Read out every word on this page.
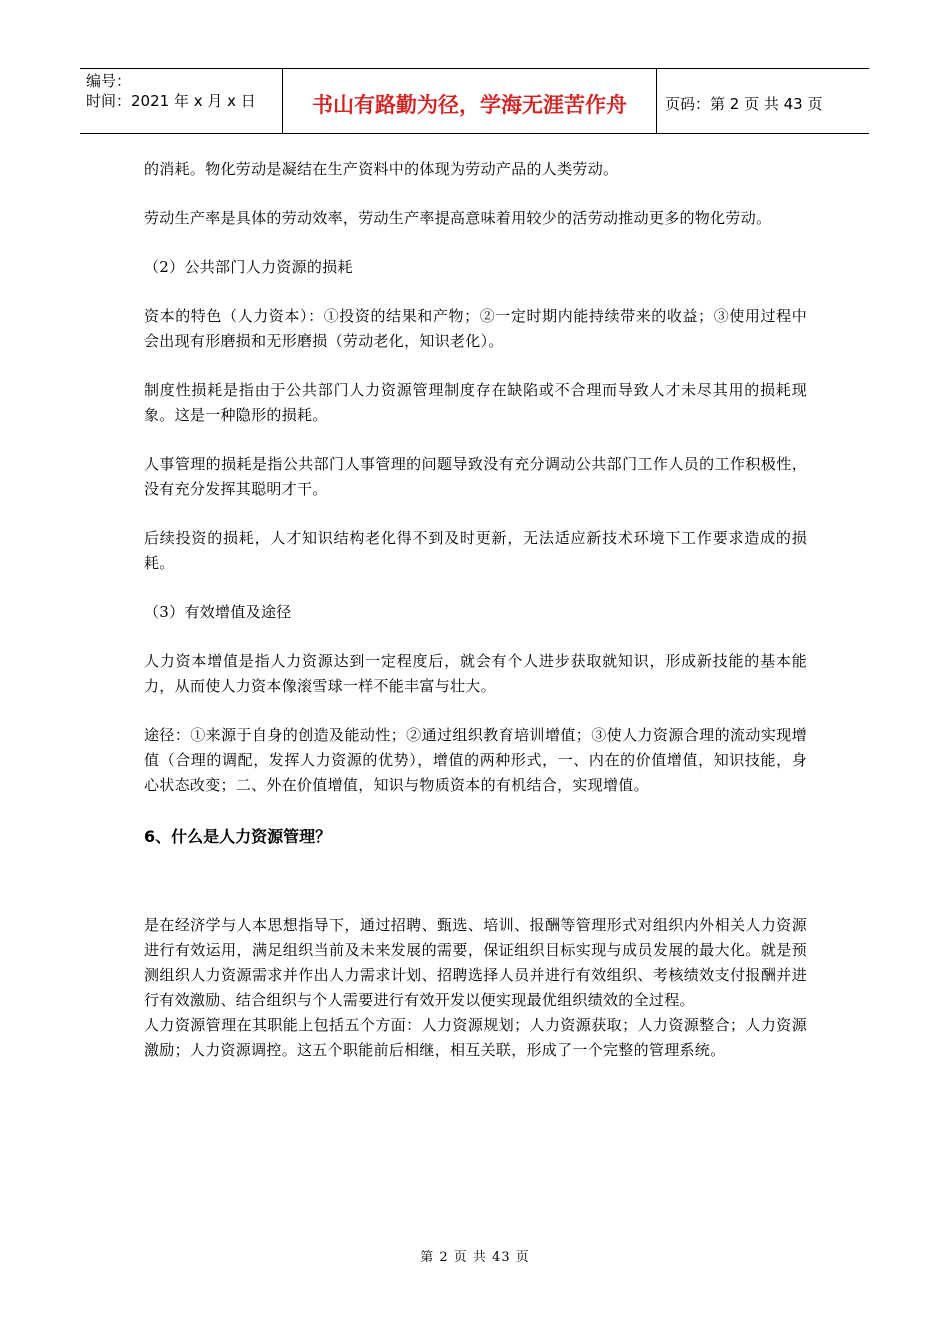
编号：
时间：2021 年 x 月 x 日	书山有路勤为径，学海无涯苦作舟	页码：第 2 页 共 43 页

的消耗。物化劳动是凝结在生产资料中的体现为劳动产品的人类劳动。

劳动生产率是具体的劳动效率，劳动生产率提高意味着用较少的活劳动推动更多的物化劳动。

（2）公共部门人力资源的损耗

资本的特色（人力资本）：①投资的结果和产物；②一定时期内能持续带来的收益；③使用过程中会出现有形磨损和无形磨损（劳动老化，知识老化）。

制度性损耗是指由于公共部门人力资源管理制度存在缺陷或不合理而导致人才未尽其用的损耗现象。这是一种隐形的损耗。

人事管理的损耗是指公共部门人事管理的问题导致没有充分调动公共部门工作人员的工作积极性，没有充分发挥其聪明才干。

后续投资的损耗，人才知识结构老化得不到及时更新，无法适应新技术环境下工作要求造成的损耗。

（3）有效增值及途径

人力资本增值是指人力资源达到一定程度后，就会有个人进步获取就知识，形成新技能的基本能力，从而使人力资本像滚雪球一样不能丰富与壮大。

途径：①来源于自身的创造及能动性；②通过组织教育培训增值；③使人力资源合理的流动实现增值（合理的调配，发挥人力资源的优势），增值的两种形式，一、内在的价值增值，知识技能，身心状态改变；二、外在价值增值，知识与物质资本的有机结合，实现增值。

6、什么是人力资源管理？

是在经济学与人本思想指导下，通过招聘、甄选、培训、报酬等管理形式对组织内外相关人力资源进行有效运用，满足组织当前及未来发展的需要，保证组织目标实现与成员发展的最大化。就是预测组织人力资源需求并作出人力需求计划、招聘选择人员并进行有效组织、考核绩效支付报酬并进行有效激励、结合组织与个人需要进行有效开发以便实现最优组织绩效的全过程。

人力资源管理在其职能上包括五个方面：人力资源规划；人力资源获取；人力资源整合；人力资源激励；人力资源调控。这五个职能前后相继，相互关联，形成了一个完整的管理系统。

第 2 页 共 43 页
